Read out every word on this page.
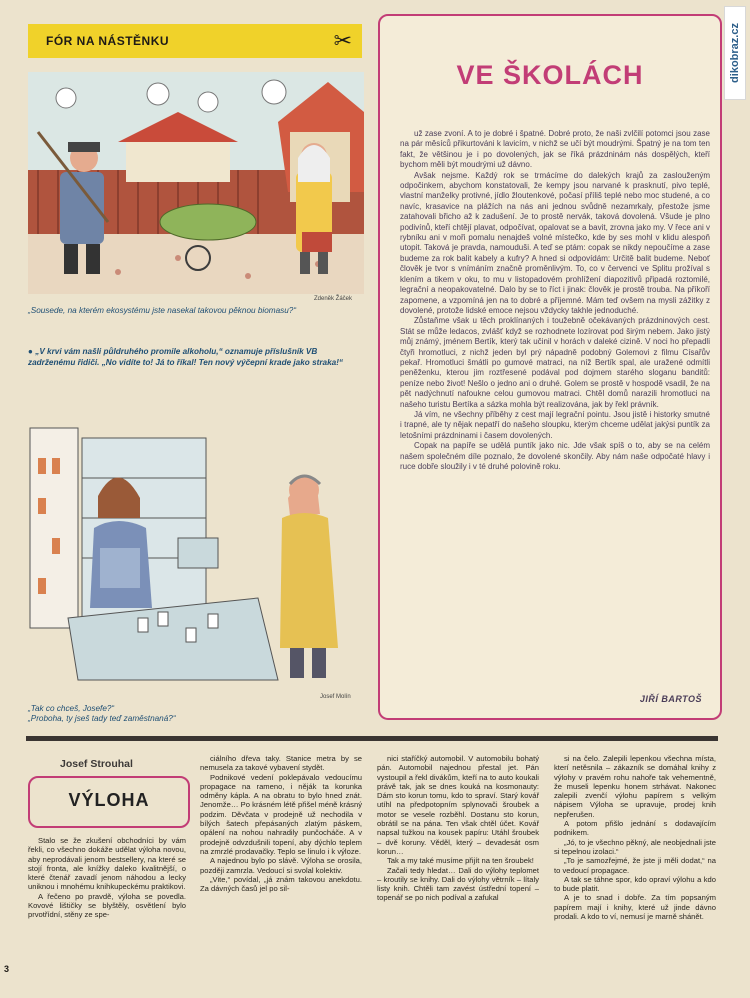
dikobraz.cz
FÓR NA NÁSTĚNKU	✂
Zdeněk Žáček
„Sousede, na kterém ekosystému jste nasekal takovou pěknou biomasu?“
● „V krvi vám našli půldruhého promile alkoholu,“ oznamuje příslušník VB zadrženému řidiči. „No vidíte to! Já to říkal! Ten nový výčepní krade jako straka!“
Josef Molín
„Tak co chceš, Josefe?“
„Proboha, ty jseš tady teď zaměstnaná?“
VE ŠKOLÁCH

už zase zvoní. A to je dobré i špatné. Dobré proto, že naši zvlčilí potomci jsou zase na pár měsíců přikurtováni k lavicím, v nichž se učí být moudrými. Špatný je na tom ten fakt, že většinou je i po dovolených, jak se říká prázdninám nás dospělých, kteří bychom měli být moudrými už dávno.

Avšak nejsme. Každý rok se trmácíme do dalekých krajů za zaslouženým odpočinkem, abychom konstatovali, že kempy jsou narvané k prasknutí, pivo teplé, vlastní manželky protivné, jídlo žloutenkové, počasí příliš teplé nebo moc studené, a co navíc, krasavice na plážích na nás ani jednou svůdně nezamrkaly, přestože jsme zatahovali břicho až k zadušení. Je to prostě nervák, taková dovolená. Všude je plno podivínů, kteří chtějí plavat, odpočívat, opalovat se a bavit, zrovna jako my. V řece ani v rybníku ani v moři pomalu nenajdeš volné místečko, kde by ses mohl v klidu alespoň utopit. Taková je pravda, namouduši. A teď se ptám: copak se nikdy nepoučíme a zase budeme za rok balit kabely a kufry? A hned si odpovídám: Určitě balit budeme. Neboť člověk je tvor s vnímáním značně proměnlivým. To, co v červenci ve Splitu prožíval s klením a tikem v oku, to mu v listopadovém prohlížení diapozitivů připadá roztomilé, legrační a neopakovatelné. Dalo by se to říct i jinak: člověk je prostě trouba. Na příkoří zapomene, a vzpomíná jen na to dobré a příjemné. Mám teď ovšem na mysli zážitky z dovolené, protože lidské emoce nejsou vždycky takhle jednoduché.

Zůstaňme však u těch proklínaných i toužebně očekávaných prázdninových cest. Stát se může ledacos, zvlášť když se rozhodnete lozírovat pod širým nebem. Jako jistý můj známý, jménem Bertík, který tak učinil v horách v daleké cizině. V noci ho přepadli čtyři hromotluci, z nichž jeden byl prý nápadně podobný Golemovi z filmu Císařův pekař. Hromotluci šmátli po gumové matraci, na níž Bertík spal, ale uražené odmítli peněženku, kterou jim roztřesené podával pod dojmem starého sloganu banditů: peníze nebo život! Nešlo o jedno ani o druhé. Golem se prostě v hospodě vsadil, že na pět nadýchnutí nafoukne celou gumovou matraci. Chtěl domů narazili hromotluci na našeho turistu Bertíka a sázka mohla být realizována, jak by řekl právník.

Já vím, ne všechny příběhy z cest mají legrační pointu. Jsou jistě i historky smutné i trapné, ale ty nějak nepatří do našeho sloupku, kterým chceme udělat jakýsi puntík za letošními prázdninami i časem dovolených.

Copak na papíře se udělá puntík jako nic. Jde však spíš o to, aby se na celém našem společném díle poznalo, že dovolené skončily. Aby nám naše odpočaté hlavy i ruce dobře sloužily i v té druhé polovině roku.

JIŘÍ BARTOŠ
Josef Strouhal
VÝLOHA

Stalo se že zkušení obchodníci by vám řekli, co všechno dokáže udělat výloha novou, aby neprodávali jenom bestsellery, na které se stojí fronta, ale knížky daleko kvalitnější, o které čtenář zavadí jenom náhodou a lecky uniknou i mnohému knihkupeckému praktikovi.

A řečeno po pravdě, výloha se povedla. Kovové lištičky se blyštěly, osvětlení bylo prvotřídní, stěny ze spe-

ciálního dřeva taky. Stanice metra by se nemusela za takové vybavení stydět.

Podnikové vedení poklepávalo vedoucímu propagace na rameno, i něják ta korunka odměny kápla. A na obratu to bylo hned znát. Jenomže… Po krásném létě přišel méně krásný podzim. Děvčata v prodejně už nechodila v bílých šatech přepásaných zlatým páskem, opálení na nohou nahradily punčocháče. A v prodejně odvzdušnili topení, aby dýchlo teplem na zmrzlé prodavačky. Teplo se linulo i k výloze.

A najednou bylo po slávě. Výloha se orosila, později zamrzla. Vedoucí si svolal kolektiv.

„Vite,“ povídal, „já znám takovou anekdotu. Za dávných časů jel po sil-

nici staříčký automobil. V automobilu bohatý pán. Automobil najednou přestal jet. Pán vystoupil a řekl divákům, kteří na to auto koukali právě tak, jak se dnes kouká na kosmonauty: Dám sto korun tomu, kdo to spraví. Starý kovář utíhl na předpotopním splynovači šroubek a motor se vesele rozběhl. Dostanu sto korun, obrátil se na pána. Ten však chtěl účet. Kovář napsal tužkou na kousek papíru: Utáhl šroubek – dvě koruny. Věděl, který – devadesát osm korun…

Tak a my také musíme přijít na ten šroubek!

Začali tedy hledat… Dali do výlohy teplomet – kroutily se knihy. Dali do výlohy větrník – lítaly listy knih. Chtěli tam zavést ústřední topení – topenář se po nich podíval a zafukal

si na čelo. Zalepili lepenkou všechna místa, kterí netěsnila – zákazník se domáhal knihy z výlohy v pravém rohu nahoře tak vehementně, že museli lepenku honem strhávat. Nakonec zalepili zvenčí výlohu papírem s velkým nápisem Výloha se upravuje, prodej knih nepřerušen.

A potom přišlo jednání s dodavajícím podnikem.

„Jó, to je všechno pěkný, ale neobjednali jste si tepelnou izolaci.“

„To je samozřejmé, že jste ji měli dodat,“ na to vedoucí propagace.

A tak se táhne spor, kdo opraví výlohu a kdo to bude platit.

A je to snad i dobře. Za tím popsaným papírem mají i knihy, které už jinde dávno prodali. A kdo to ví, nemusí je marně shánět.

3
